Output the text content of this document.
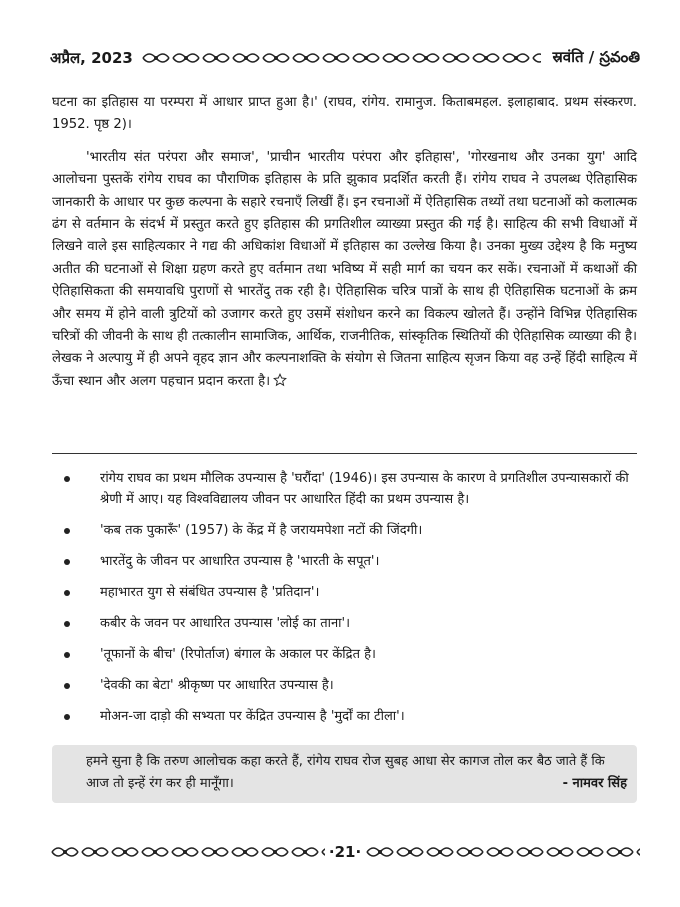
अप्रैल, 2023	स्रवंति / స్రవంతి

घटना का इतिहास या परम्परा में आधार प्राप्त हुआ है।' (राघव, रांगेय. रामानुज. किताबमहल. इलाहाबाद. प्रथम संस्करण. 1952. पृष्ठ 2)।

'भारतीय संत परंपरा और समाज', 'प्राचीन भारतीय परंपरा और इतिहास', 'गोरखनाथ और उनका युग' आदि आलोचना पुस्तकें रांगेय राघव का पौराणिक इतिहास के प्रति झुकाव प्रदर्शित करती हैं। रांगेय राघव ने उपलब्ध ऐतिहासिक जानकारी के आधार पर कुछ कल्पना के सहारे रचनाएँ लिखीं हैं। इन रचनाओं में ऐतिहासिक तथ्यों तथा घटनाओं को कलात्मक ढंग से वर्तमान के संदर्भ में प्रस्तुत करते हुए इतिहास की प्रगतिशील व्याख्या प्रस्तुत की गई है। साहित्य की सभी विधाओं में लिखने वाले इस साहित्यकार ने गद्य की अधिकांश विधाओं में इतिहास का उल्लेख किया है। उनका मुख्य उद्देश्य है कि मनुष्य अतीत की घटनाओं से शिक्षा ग्रहण करते हुए वर्तमान तथा भविष्य में सही मार्ग का चयन कर सकें। रचनाओं में कथाओं की ऐतिहासिकता की समयावधि पुराणों से भारतेंदु तक रही है। ऐतिहासिक चरित्र पात्रों के साथ ही ऐतिहासिक घटनाओं के क्रम और समय में होने वाली त्रुटियों को उजागर करते हुए उसमें संशोधन करने का विकल्प खोलते हैं। उन्होंने विभिन्न ऐतिहासिक चरित्रों की जीवनी के साथ ही तत्कालीन सामाजिक, आर्थिक, राजनीतिक, सांस्कृतिक स्थितियों की ऐतिहासिक व्याख्या की है। लेखक ने अल्पायु में ही अपने वृहद ज्ञान और कल्पनाशक्ति के संयोग से जितना साहित्य सृजन किया वह उन्हें हिंदी साहित्य में ऊँचा स्थान और अलग पहचान प्रदान करता है।

रांगेय राघव का प्रथम मौलिक उपन्यास है 'घरौंदा' (1946)। इस उपन्यास के कारण वे प्रगतिशील उपन्यासकारों की श्रेणी में आए। यह विश्वविद्यालय जीवन पर आधारित हिंदी का प्रथम उपन्यास है।
'कब तक पुकारूँ' (1957) के केंद्र में है जरायमपेशा नटों की जिंदगी।
भारतेंदु के जीवन पर आधारित उपन्यास है 'भारती के सपूत'।
महाभारत युग से संबंधित उपन्यास है 'प्रतिदान'।
कबीर के जवन पर आधारित उपन्यास 'लोई का ताना'।
'तूफानों के बीच' (रिपोर्ताज) बंगाल के अकाल पर केंद्रित है।
'देवकी का बेटा' श्रीकृष्ण पर आधारित उपन्यास है।
मोअन-जा दाड़ो की सभ्यता पर केंद्रित उपन्यास है 'मुर्दों का टीला'।
हमने सुना है कि तरुण आलोचक कहा करते हैं, रांगेय राघव रोज सुबह आधा सेर कागज तोल कर बैठ जाते हैं कि आज तो इन्हें रंग कर ही मानूँगा।	- नामवर सिंह
·21·
